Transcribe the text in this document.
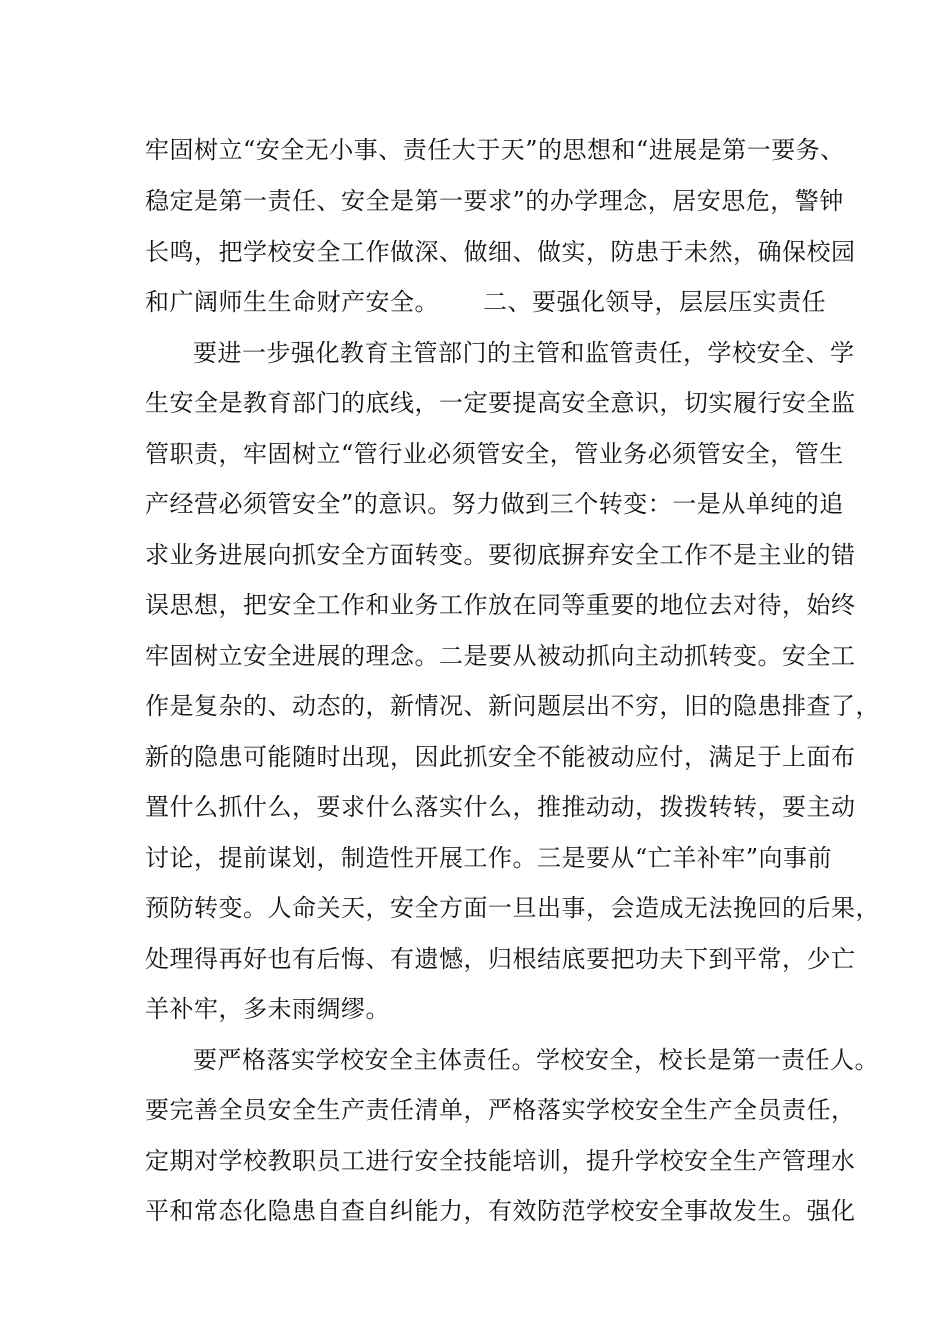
牢固树立“安全无小事、责任大于天”的思想和“进展是第一要务、
稳定是第一责任、安全是第一要求”的办学理念，居安思危，警钟
长鸣，把学校安全工作做深、做细、做实，防患于未然，确保校园
和广阔师生生命财产安全。 二、要强化领导，层层压实责任
要进一步强化教育主管部门的主管和监管责任，学校安全、学
生安全是教育部门的底线，一定要提高安全意识，切实履行安全监
管职责，牢固树立“管行业必须管安全，管业务必须管安全，管生
产经营必须管安全”的意识。努力做到三个转变：一是从单纯的追
求业务进展向抓安全方面转变。要彻底摒弃安全工作不是主业的错
误思想，把安全工作和业务工作放在同等重要的地位去对待，始终
牢固树立安全进展的理念。二是要从被动抓向主动抓转变。安全工
作是复杂的、动态的，新情况、新问题层出不穷，旧的隐患排查了，
新的隐患可能随时出现，因此抓安全不能被动应付，满足于上面布
置什么抓什么，要求什么落实什么，推推动动，拨拨转转，要主动
讨论，提前谋划，制造性开展工作。三是要从“亡羊补牢”向事前
预防转变。人命关天，安全方面一旦出事，会造成无法挽回的后果，
处理得再好也有后悔、有遗憾，归根结底要把功夫下到平常，少亡
羊补牢，多未雨绸缪。
要严格落实学校安全主体责任。学校安全，校长是第一责任人。
要完善全员安全生产责任清单，严格落实学校安全生产全员责任，
定期对学校教职员工进行安全技能培训，提升学校安全生产管理水
平和常态化隐患自查自纠能力，有效防范学校安全事故发生。强化
